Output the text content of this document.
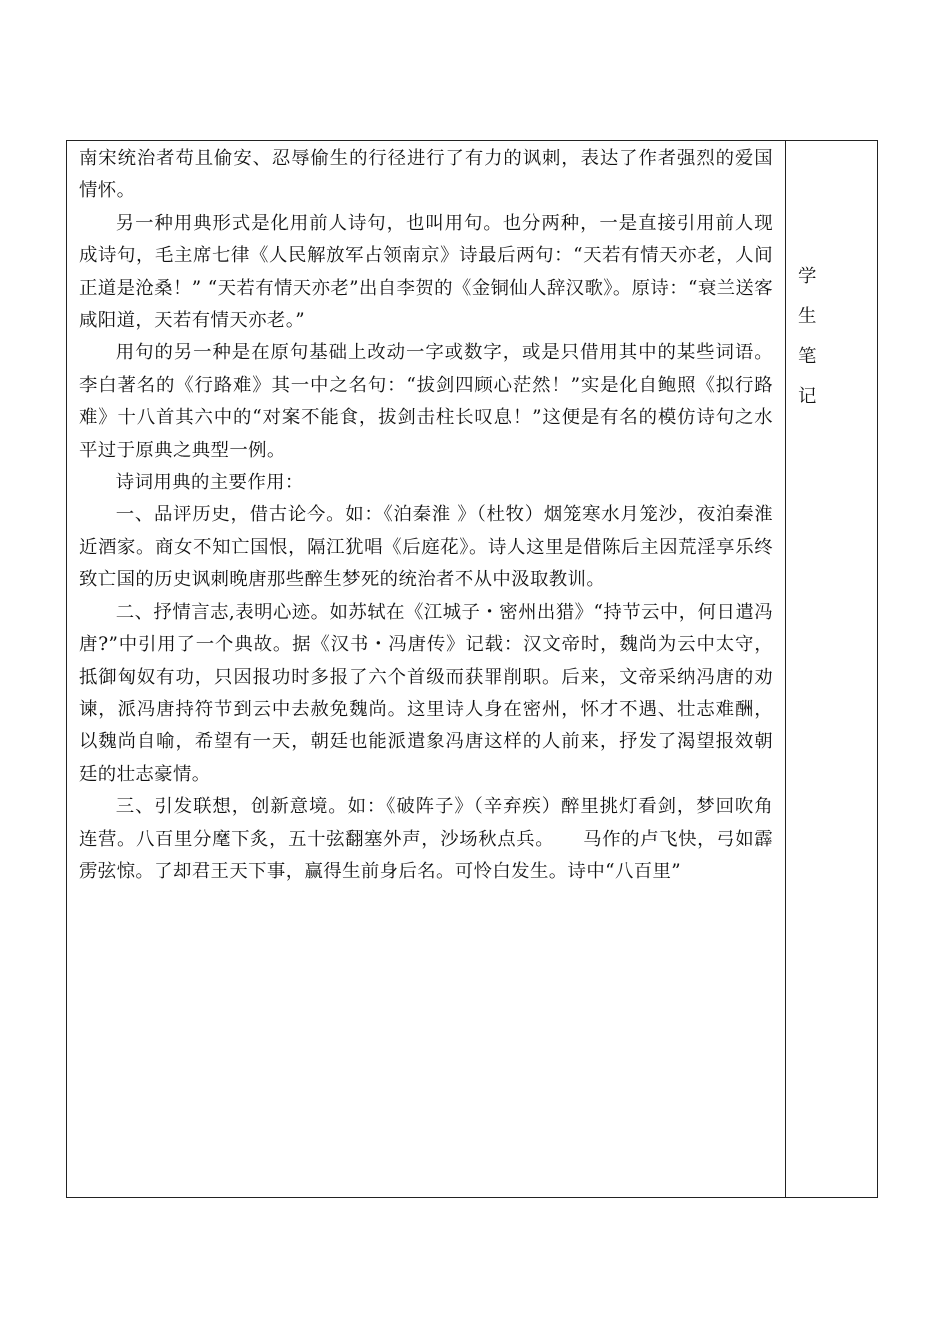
南宋统治者苟且偷安、忍辱偷生的行径进行了有力的讽刺，表达了作者强烈的爱国情怀。

另一种用典形式是化用前人诗句，也叫用句。也分两种，一是直接引用前人现成诗句，毛主席七律《人民解放军占领南京》诗最后两句：“天若有情天亦老，人间正道是沧桑！” “天若有情天亦老”出自李贺的《金铜仙人辞汉歌》。原诗：“衰兰送客咸阳道，天若有情天亦老。”

用句的另一种是在原句基础上改动一字或数字，或是只借用其中的某些词语。李白著名的《行路难》其一中之名句：“拔剑四顾心茫然！”实是化自鲍照《拟行路难》十八首其六中的“对案不能食，拔剑击柱长叹息！”这便是有名的模仿诗句之水平过于原典之典型一例。

诗词用典的主要作用：

一、品评历史，借古论今。如：《泊秦淮 》（杜牧）烟笼寒水月笼沙，夜泊秦淮近酒家。商女不知亡国恨，隔江犹唱《后庭花》。诗人这里是借陈后主因荒淫享乐终致亡国的历史讽刺晚唐那些醉生梦死的统治者不从中汲取教训。

二、抒情言志,表明心迹。如苏轼在《江城子・密州出猎》“持节云中，何日遣冯唐?”中引用了一个典故。据《汉书・冯唐传》记载：汉文帝时，魏尚为云中太守，抵御匈奴有功，只因报功时多报了六个首级而获罪削职。后来，文帝采纳冯唐的劝谏，派冯唐持符节到云中去赦免魏尚。这里诗人身在密州，怀才不遇、壮志难酬，以魏尚自喻，希望有一天，朝廷也能派遣象冯唐这样的人前来，抒发了渴望报效朝廷的壮志豪情。

三、引发联想，创新意境。如：《破阵子》（辛弃疾）醉里挑灯看剑，梦回吹角连营。八百里分麾下炙，五十弦翻塞外声，沙场秋点兵。　　马作的卢飞快，弓如霹雳弦惊。了却君王天下事，赢得生前身后名。可怜白发生。诗中“八百里”

学生
笔记
